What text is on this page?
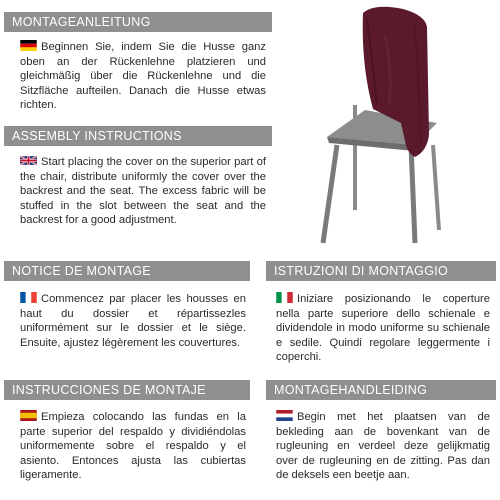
MONTAGEANLEITUNG
Beginnen Sie, indem Sie die Husse ganz oben an der Rückenlehne platzieren und gleichmäßig über die Rückenlehne und die Sitzfläche aufteilen. Danach die Husse etwas richten.
ASSEMBLY INSTRUCTIONS
Start placing the cover on the superior part of the chair, distribute uniformly the cover over the backrest and the seat. The excess fabric will be stuffed in the slot between the seat and the backrest for a good adjustment.
NOTICE DE MONTAGE
Commencez par placer les housses en haut du dossier et répartissezles uniformément sur le dossier et le siège. Ensuite, ajustez légèrement les couvertures.
ISTRUZIONI DI MONTAGGIO
Iniziare posizionando le coperture nella parte superiore dello schienale e dividendole in modo uniforme su schienale e sedile. Quindi regolare leggermente i coperchi.
INSTRUCCIONES DE MONTAJE
Empieza colocando las fundas en la parte superior del respaldo y dividiéndolas uniformemente sobre el respaldo y el asiento. Entonces ajusta las cubiertas ligeramente.
MONTAGEHANDLEIDING
Begin met het plaatsen van de bekleding aan de bovenkant van de rugleuning en verdeel deze gelijkmatig over de rugleuning en de zitting. Pas dan de deksels een beetje aan.
